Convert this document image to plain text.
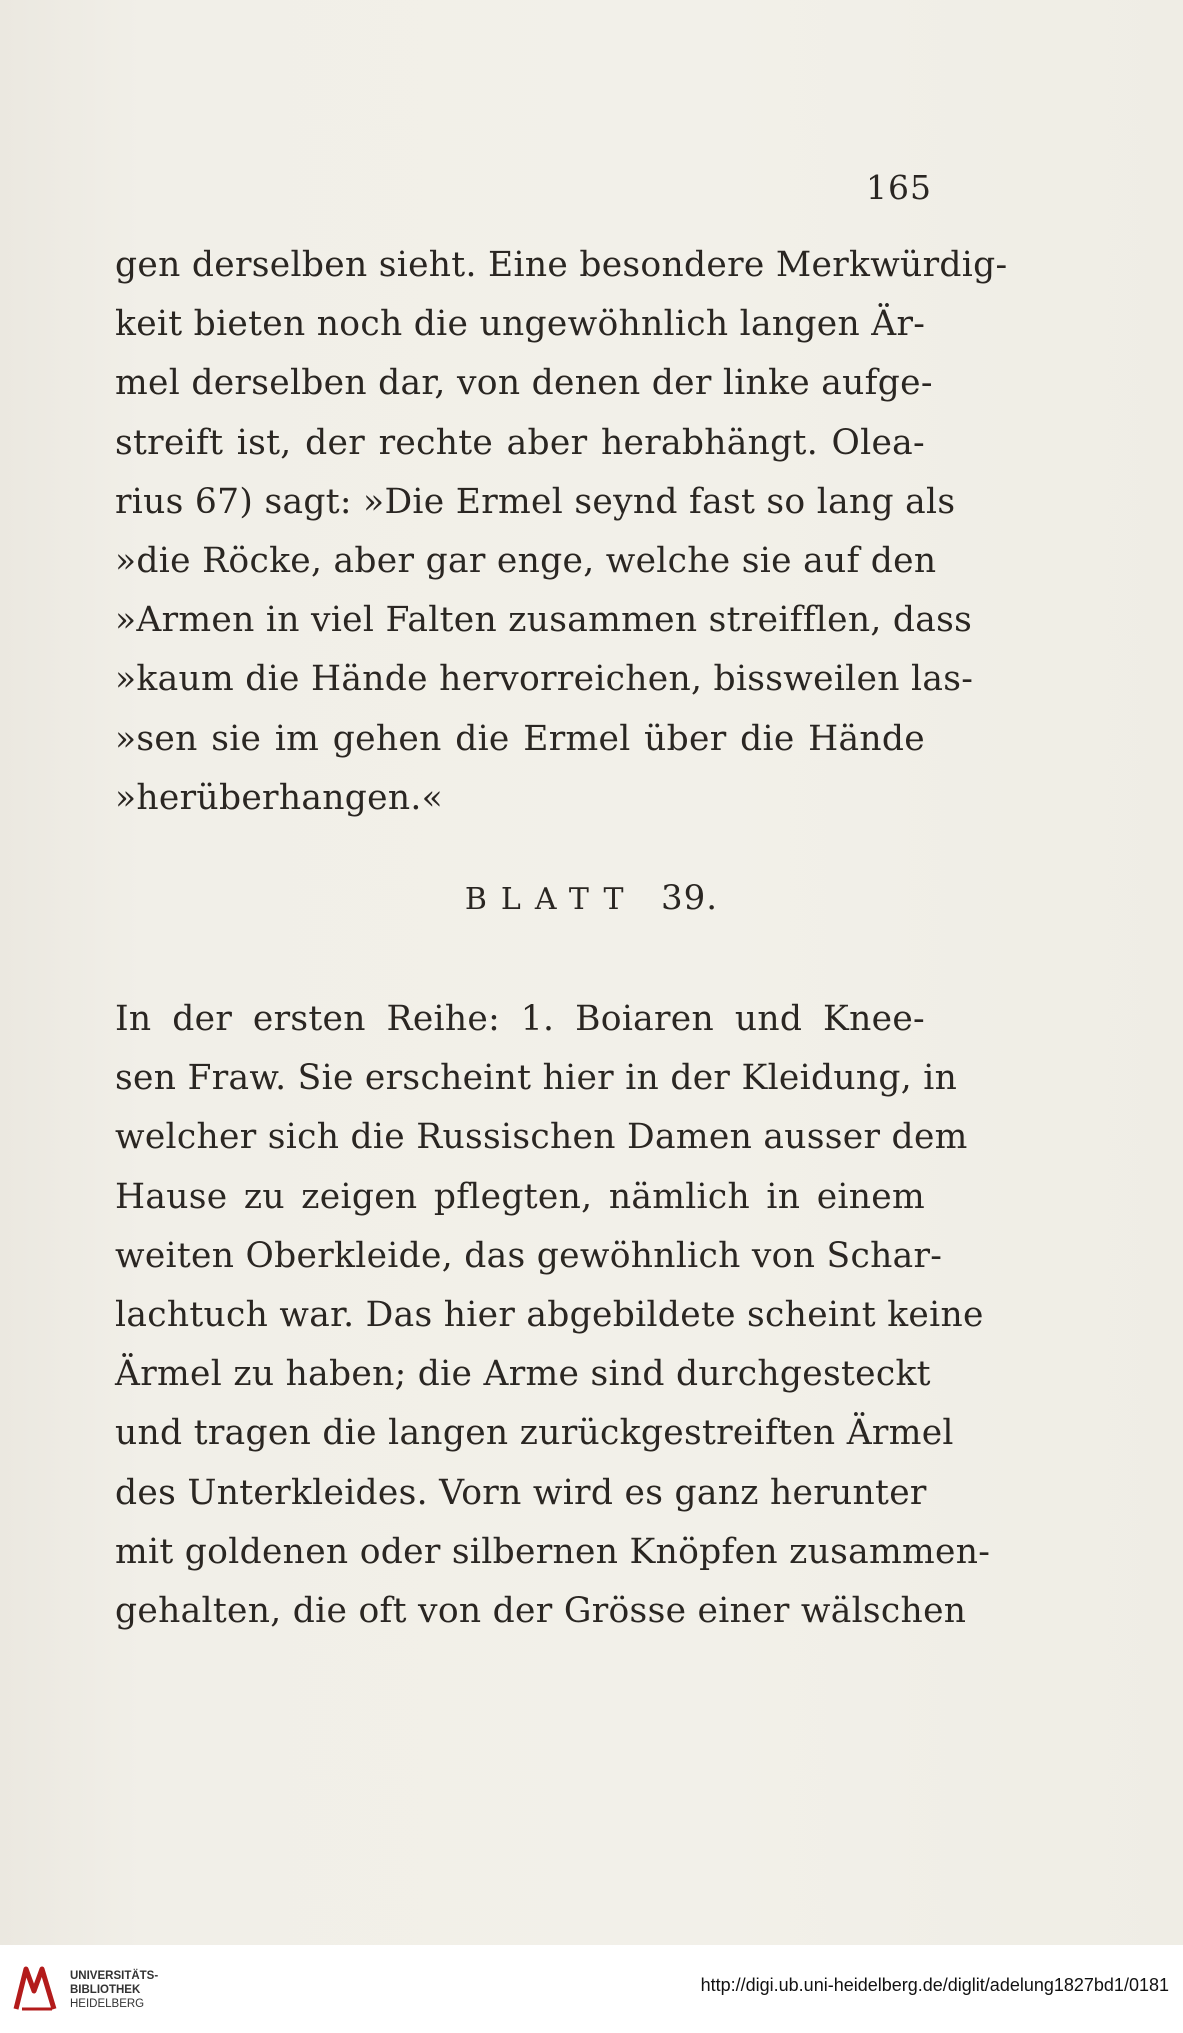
165
gen derselben sieht. Eine besondere Merkwürdig-
keit bieten noch die ungewöhnlich langen Är-
mel derselben dar, von denen der linke aufge-
streift ist, der rechte aber herabhängt. Olea-
rius 67) sagt: »Die Ermel seynd fast so lang als
»die Röcke, aber gar enge, welche sie auf den
»Armen in viel Falten zusammen streifflen, dass
»kaum die Hände hervorreichen, bissweilen las-
»sen sie im gehen die Ermel über die Hände
»herüberhangen.«
BLATT 39.
In der ersten Reihe: 1. Boiaren und Knee-
sen Fraw. Sie erscheint hier in der Kleidung, in
welcher sich die Russischen Damen ausser dem
Hause zu zeigen pflegten, nämlich in einem
weiten Oberkleide, das gewöhnlich von Schar-
lachtuch war. Das hier abgebildete scheint keine
Ärmel zu haben; die Arme sind durchgesteckt
und tragen die langen zurückgestreiften Ärmel
des Unterkleides. Vorn wird es ganz herunter
mit goldenen oder silbernen Knöpfen zusammen-
gehalten, die oft von der Grösse einer wälschen
UNIVERSITÄTS-
BIBLIOTHEK
HEIDELBERG
http://digi.ub.uni-heidelberg.de/diglit/adelung1827bd1/0181
